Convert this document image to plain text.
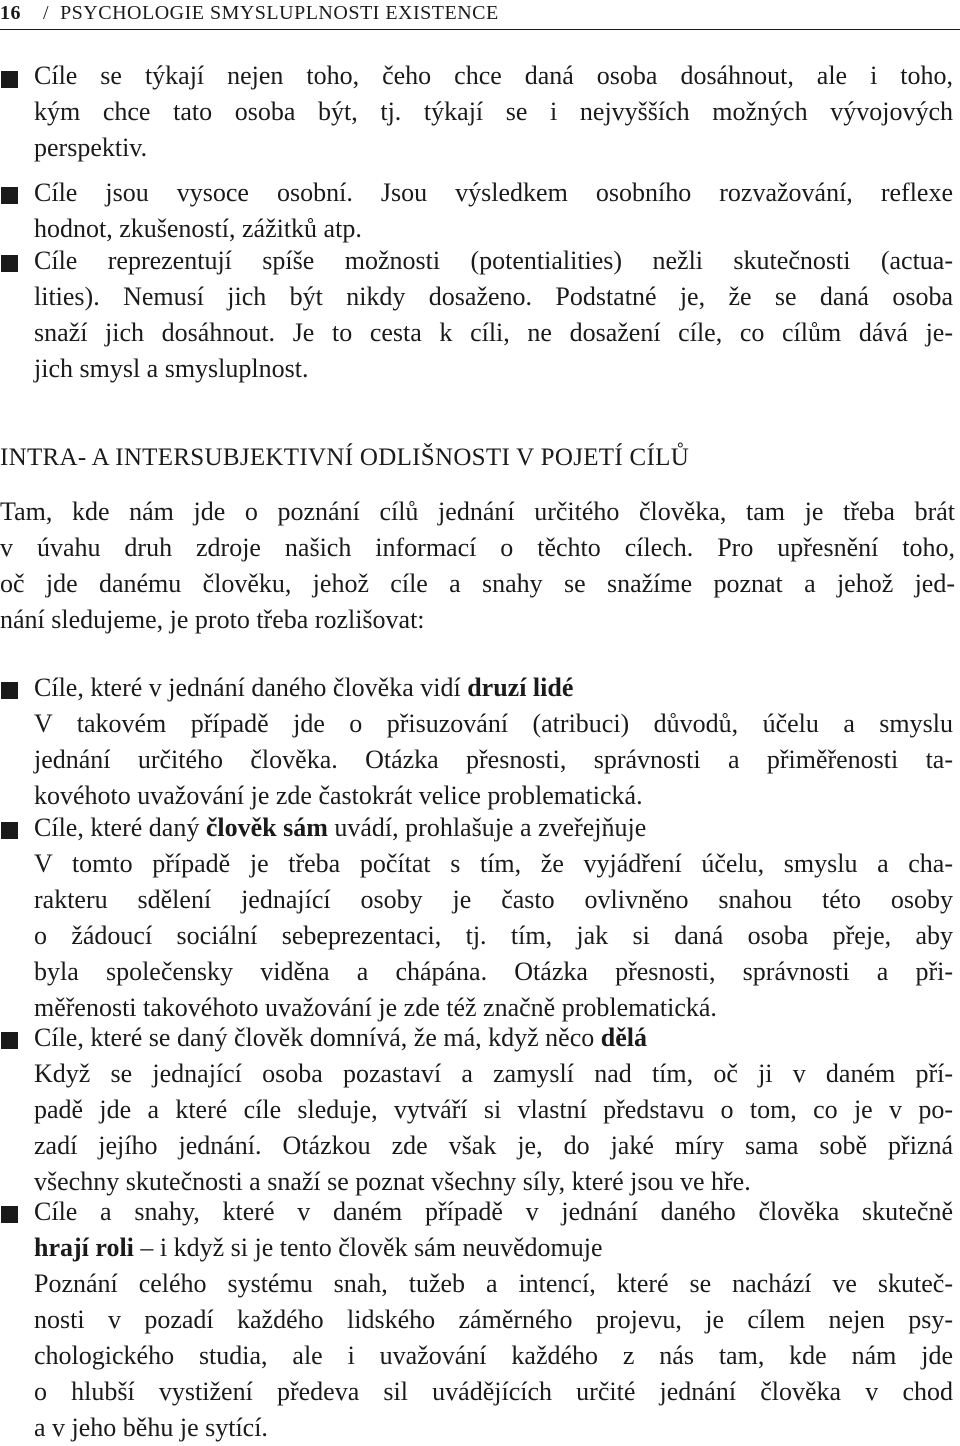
16 / PSYCHOLOGIE SMYSLUPLNOSTI EXISTENCE
Cíle se týkají nejen toho, čeho chce daná osoba dosáhnout, ale i toho,
kým chce tato osoba být, tj. týkají se i nejvyšších možných vývojových
perspektiv.
Cíle jsou vysoce osobní. Jsou výsledkem osobního rozvažování, reflexe
hodnot, zkušeností, zážitků atp.
Cíle reprezentují spíše možnosti (potentialities) nežli skutečnosti (actua-
lities). Nemusí jich být nikdy dosaženo. Podstatné je, že se daná osoba
snaží jich dosáhnout. Je to cesta k cíli, ne dosažení cíle, co cílům dává je-
jich smysl a smysluplnost.
INTRA- A INTERSUBJEKTIVNÍ ODLIŠNOSTI V POJETÍ CÍLŮ
Tam, kde nám jde o poznání cílů jednání určitého člověka, tam je třeba brát
v úvahu druh zdroje našich informací o těchto cílech. Pro upřesnění toho,
oč jde danému člověku, jehož cíle a snahy se snažíme poznat a jehož jed-
nání sledujeme, je proto třeba rozlišovat:
Cíle, které v jednání daného člověka vidí druzí lidé
V takovém případě jde o přisuzování (atribuci) důvodů, účelu a smyslu
jednání určitého člověka. Otázka přesnosti, správnosti a přiměřenosti ta-
kovéhoto uvažování je zde častokrát velice problematická.
Cíle, které daný člověk sám uvádí, prohlašuje a zveřejňuje
V tomto případě je třeba počítat s tím, že vyjádření účelu, smyslu a cha-
rakteru sdělení jednající osoby je často ovlivněno snahou této osoby
o žádoucí sociální sebeprezentaci, tj. tím, jak si daná osoba přeje, aby
byla společensky viděna a chápána. Otázka přesnosti, správnosti a při-
měřenosti takovéhoto uvažování je zde též značně problematická.
Cíle, které se daný člověk domnívá, že má, když něco dělá
Když se jednající osoba pozastaví a zamyslí nad tím, oč ji v daném pří-
padě jde a které cíle sleduje, vytváří si vlastní představu o tom, co je v po-
zadí jejího jednání. Otázkou zde však je, do jaké míry sama sobě přizná
všechny skutečnosti a snaží se poznat všechny síly, které jsou ve hře.
Cíle a snahy, které v daném případě v jednání daného člověka skutečně
hrají roli – i když si je tento člověk sám neuvědomuje
Poznání celého systému snah, tužeb a intencí, které se nachází ve skuteč-
nosti v pozadí každého lidského záměrného projevu, je cílem nejen psy-
chologického studia, ale i uvažování každého z nás tam, kde nám jde
o hlubší vystižení předeva sil uvádějících určité jednání člověka v chod
a v jeho běhu je sytící.
